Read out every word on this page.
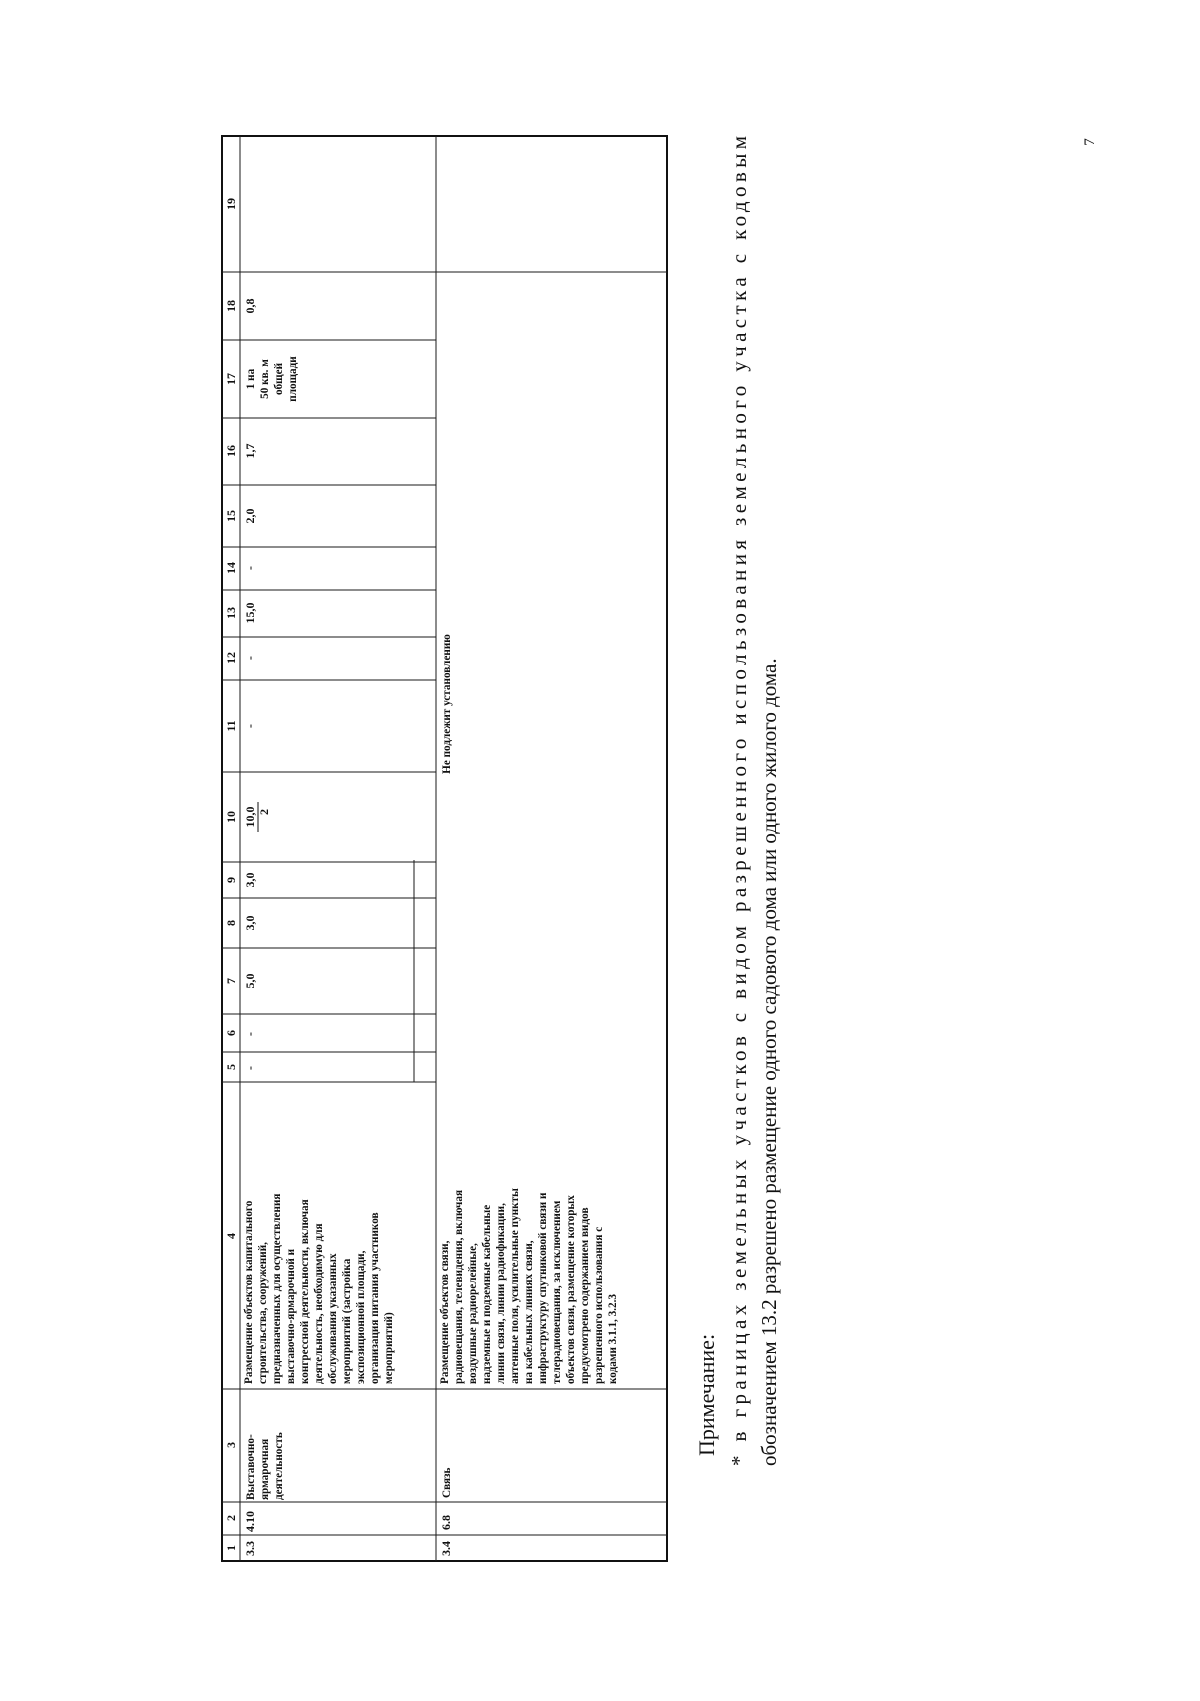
7
1
2
3
4
5
6
7
8
9
10
11
12
13
14
15
16
17
18
19
3.3
4.10
Выставочно- ярмарочная деятельность
Размещение объектов капитального строительства, сооружений, предназначенных для осуществления выставочно-ярмарочной и конгрессной деятельности, включая деятельность, необходимую для обслуживания указанных мероприятий (застройка экспозиционной площади, организация питания участников мероприятий)
-
-
5,0
3,0
3,0
10,0 2
-
-
15,0
-
2,0
1,7
1 на 50 кв. м общей площади
0,8
3.4
6.8
Связь
Размещение объектов связи, радиовещания, телевидения, включая воздушные радиорелейные, надземные и подземные кабельные линии связи, линии радиофикации, антенные поля, усилительные пункты на кабельных линиях связи, инфраструктуру спутниковой связи и телерадиовещания, за исключением объектов связи, размещение которых предусмотрено содержанием видов разрешенного использования с кодами 3.1.1, 3.2.3
Не подлежит установлению
Примечание:
* в границах земельных участков с видом разрешенного использования земельного участка с кодовым
обозначением 13.2 разрешено размещение одного садового дома или одного жилого дома.
